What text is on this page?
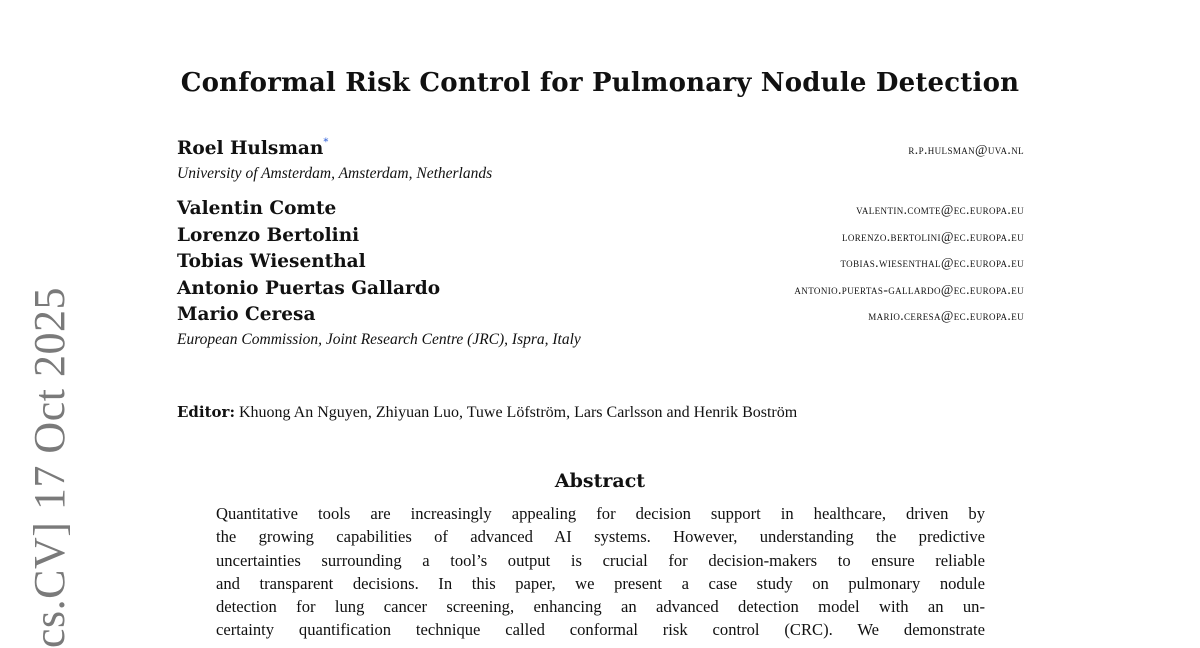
cs.CV] 17 Oct 2025
Conformal Risk Control for Pulmonary Nodule Detection
Roel Hulsman*	r.p.hulsman@uva.nl
University of Amsterdam, Amsterdam, Netherlands
Valentin Comte	valentin.comte@ec.europa.eu
Lorenzo Bertolini	lorenzo.bertolini@ec.europa.eu
Tobias Wiesenthal	tobias.wiesenthal@ec.europa.eu
Antonio Puertas Gallardo	antonio.puertas-gallardo@ec.europa.eu
Mario Ceresa	mario.ceresa@ec.europa.eu
European Commission, Joint Research Centre (JRC), Ispra, Italy
Editor: Khuong An Nguyen, Zhiyuan Luo, Tuwe Löfström, Lars Carlsson and Henrik Boström
Abstract
Quantitative tools are increasingly appealing for decision support in healthcare, driven by
the growing capabilities of advanced AI systems. However, understanding the predictive
uncertainties surrounding a tool’s output is crucial for decision-makers to ensure reliable
and transparent decisions. In this paper, we present a case study on pulmonary nodule
detection for lung cancer screening, enhancing an advanced detection model with an un-
certainty quantification technique called conformal risk control (CRC). We demonstrate
